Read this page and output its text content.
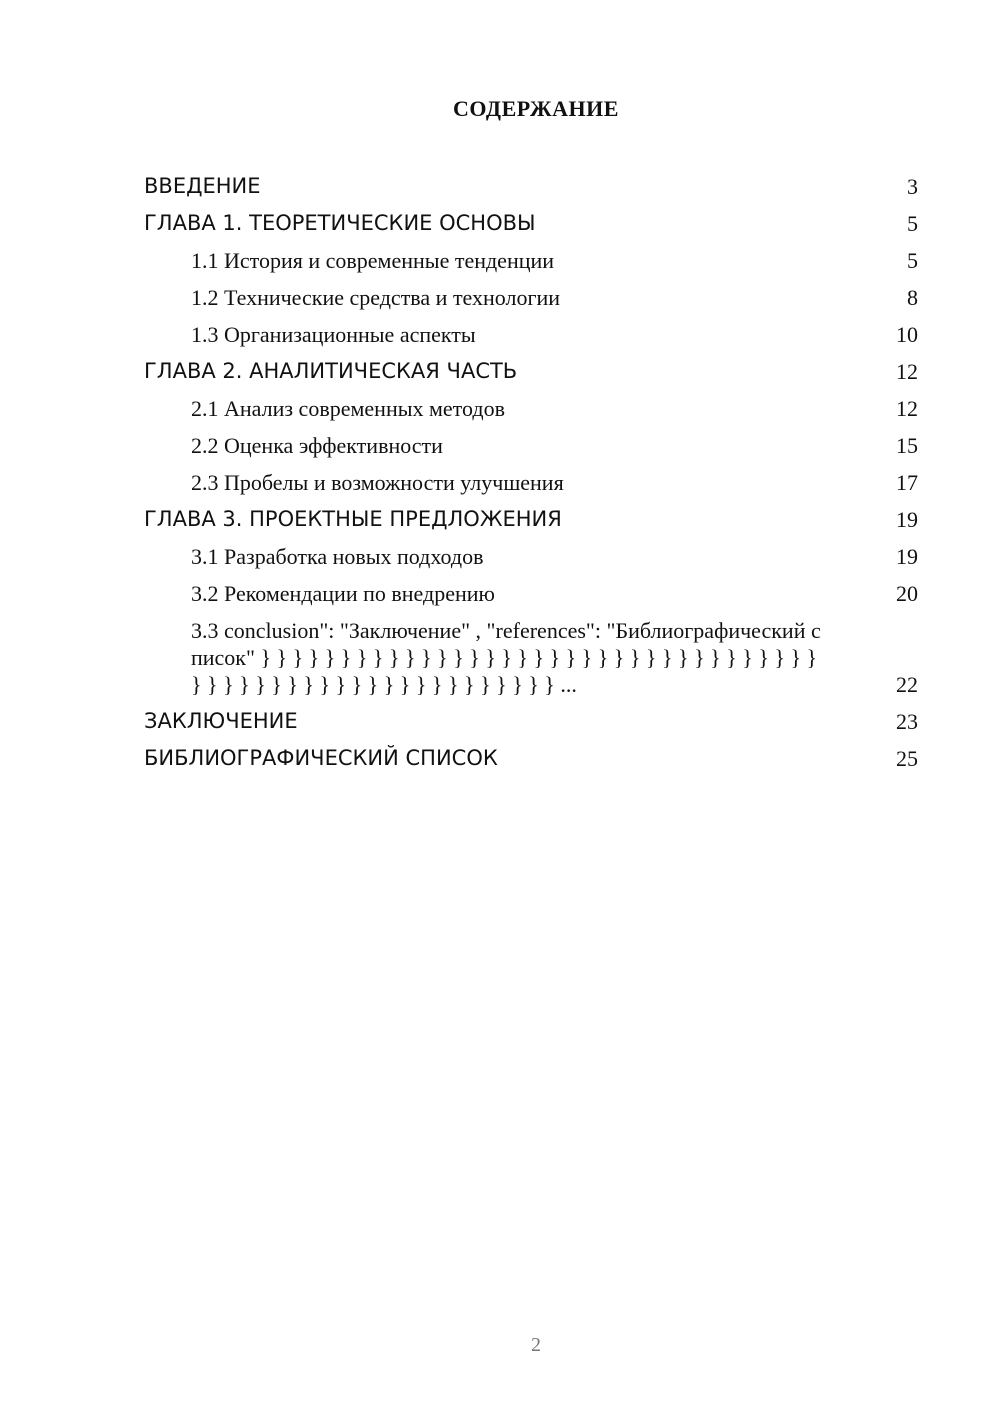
СОДЕРЖАНИЕ
ВВЕДЕНИЕ	3
ГЛАВА 1. ТЕОРЕТИЧЕСКИЕ ОСНОВЫ	5
1.1 История и современные тенденции	5
1.2 Технические средства и технологии	8
1.3 Организационные аспекты	10
ГЛАВА 2. АНАЛИТИЧЕСКАЯ ЧАСТЬ	12
2.1 Анализ современных методов	12
2.2 Оценка эффективности	15
2.3 Пробелы и возможности улучшения	17
ГЛАВА 3. ПРОЕКТНЫЕ ПРЕДЛОЖЕНИЯ	19
3.1 Разработка новых подходов	19
3.2 Рекомендации по внедрению	20
3.3 conclusion": "Заключение" , "references": "Библиографический список" } } } } } } } } } } } } } } } } } } } } } } } } } } } } } } } } } } } } } } } } } } } } } } } } } } } } } } } } } } ...	22
ЗАКЛЮЧЕНИЕ	23
БИБЛИОГРАФИЧЕСКИЙ СПИСОК	25
2
